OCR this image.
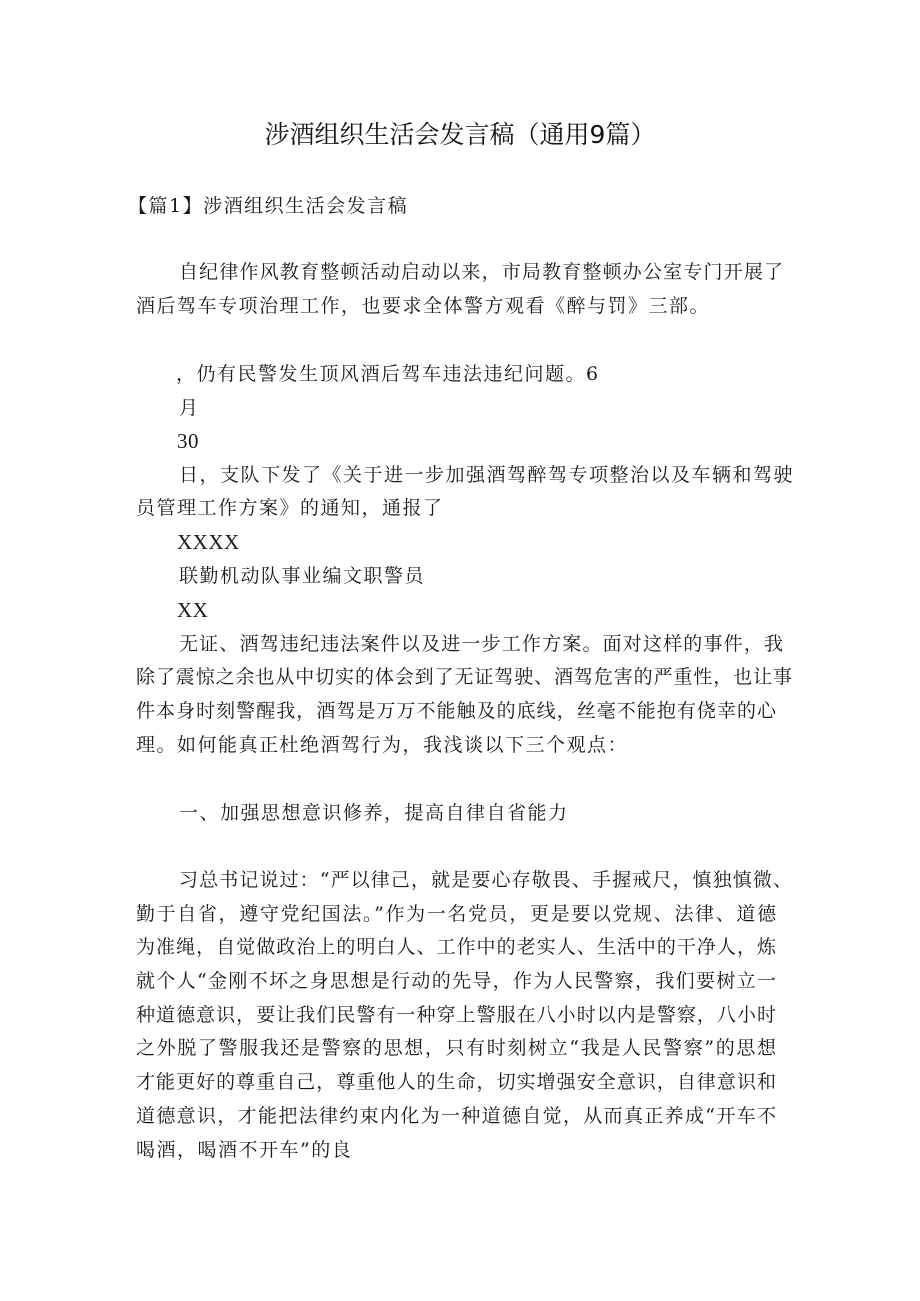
涉酒组织生活会发言稿（通用9篇）
【篇1】涉酒组织生活会发言稿
自纪律作风教育整顿活动启动以来，市局教育整顿办公室专门开展了
酒后驾车专项治理工作，也要求全体警方观看《醉与罚》三部。
，仍有民警发生顶风酒后驾车违法违纪问题。6
月
30
日，支队下发了《关于进一步加强酒驾醉驾专项整治以及车辆和驾驶
员管理工作方案》的通知，通报了
XXXX
联勤机动队事业编文职警员
XX
无证、酒驾违纪违法案件以及进一步工作方案。面对这样的事件，我
除了震惊之余也从中切实的体会到了无证驾驶、酒驾危害的严重性，也让事
件本身时刻警醒我，酒驾是万万不能触及的底线，丝毫不能抱有侥幸的心
理。如何能真正杜绝酒驾行为，我浅谈以下三个观点：
一、加强思想意识修养，提高自律自省能力
习总书记说过：“严以律己，就是要心存敬畏、手握戒尺，慎独慎微、
勤于自省，遵守党纪国法。”作为一名党员，更是要以党规、法律、道德
为准绳，自觉做政治上的明白人、工作中的老实人、生活中的干净人，炼
就个人“金刚不坏之身思想是行动的先导，作为人民警察，我们要树立一
种道德意识，要让我们民警有一种穿上警服在八小时以内是警察，八小时
之外脱了警服我还是警察的思想，只有时刻树立“我是人民警察”的思想
才能更好的尊重自己，尊重他人的生命，切实增强安全意识，自律意识和
道德意识，才能把法律约束内化为一种道德自觉，从而真正养成“开车不
喝酒，喝酒不开车”的良
